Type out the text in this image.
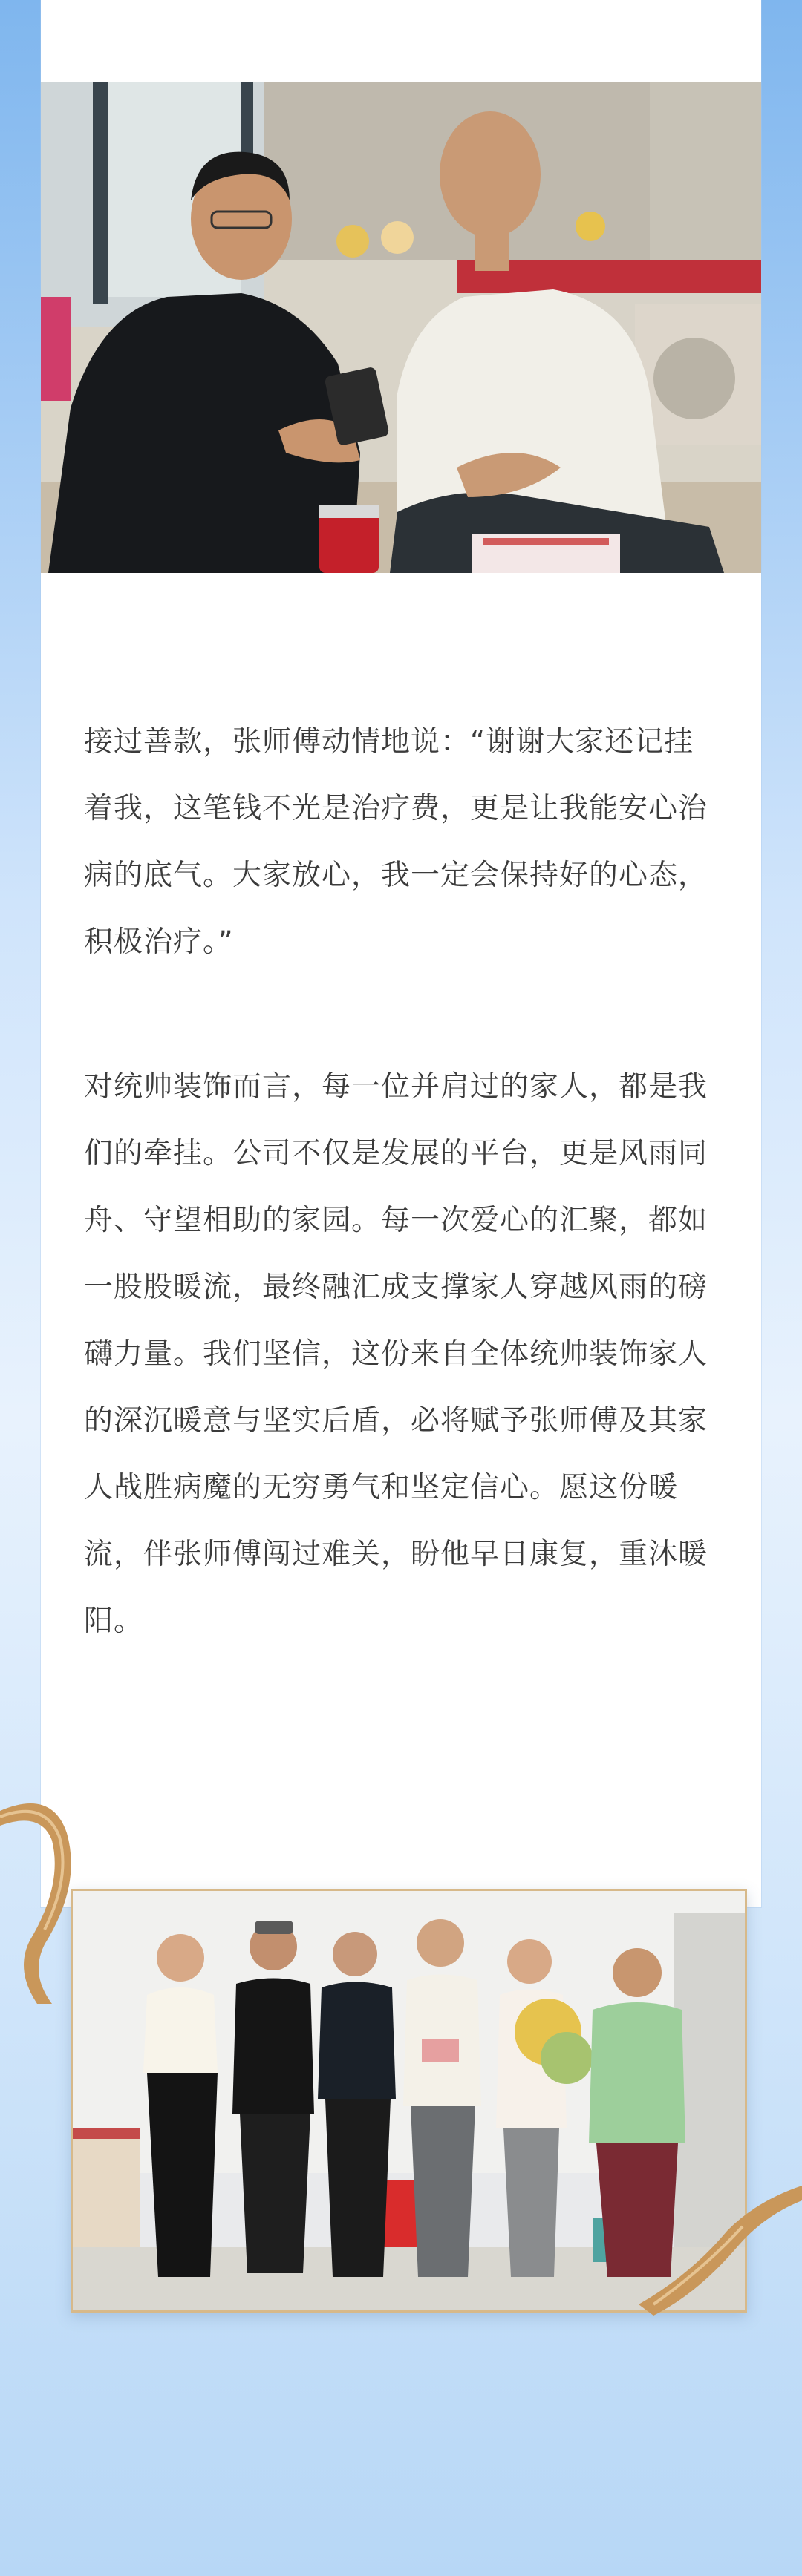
接过善款，张师傅动情地说：“谢谢大家还记挂着我，这笔钱不光是治疗费，更是让我能安心治病的底气。大家放心，我一定会保持好的心态，积极治疗。”

对统帅装饰而言，每一位并肩过的家人，都是我们的牵挂。公司不仅是发展的平台，更是风雨同舟、守望相助的家园。每一次爱心的汇聚，都如一股股暖流，最终融汇成支撑家人穿越风雨的磅礴力量。我们坚信，这份来自全体统帅装饰家人的深沉暖意与坚实后盾，必将赋予张师傅及其家人战胜病魔的无穷勇气和坚定信心。愿这份暖流，伴张师傅闯过难关，盼他早日康复，重沐暖阳。
